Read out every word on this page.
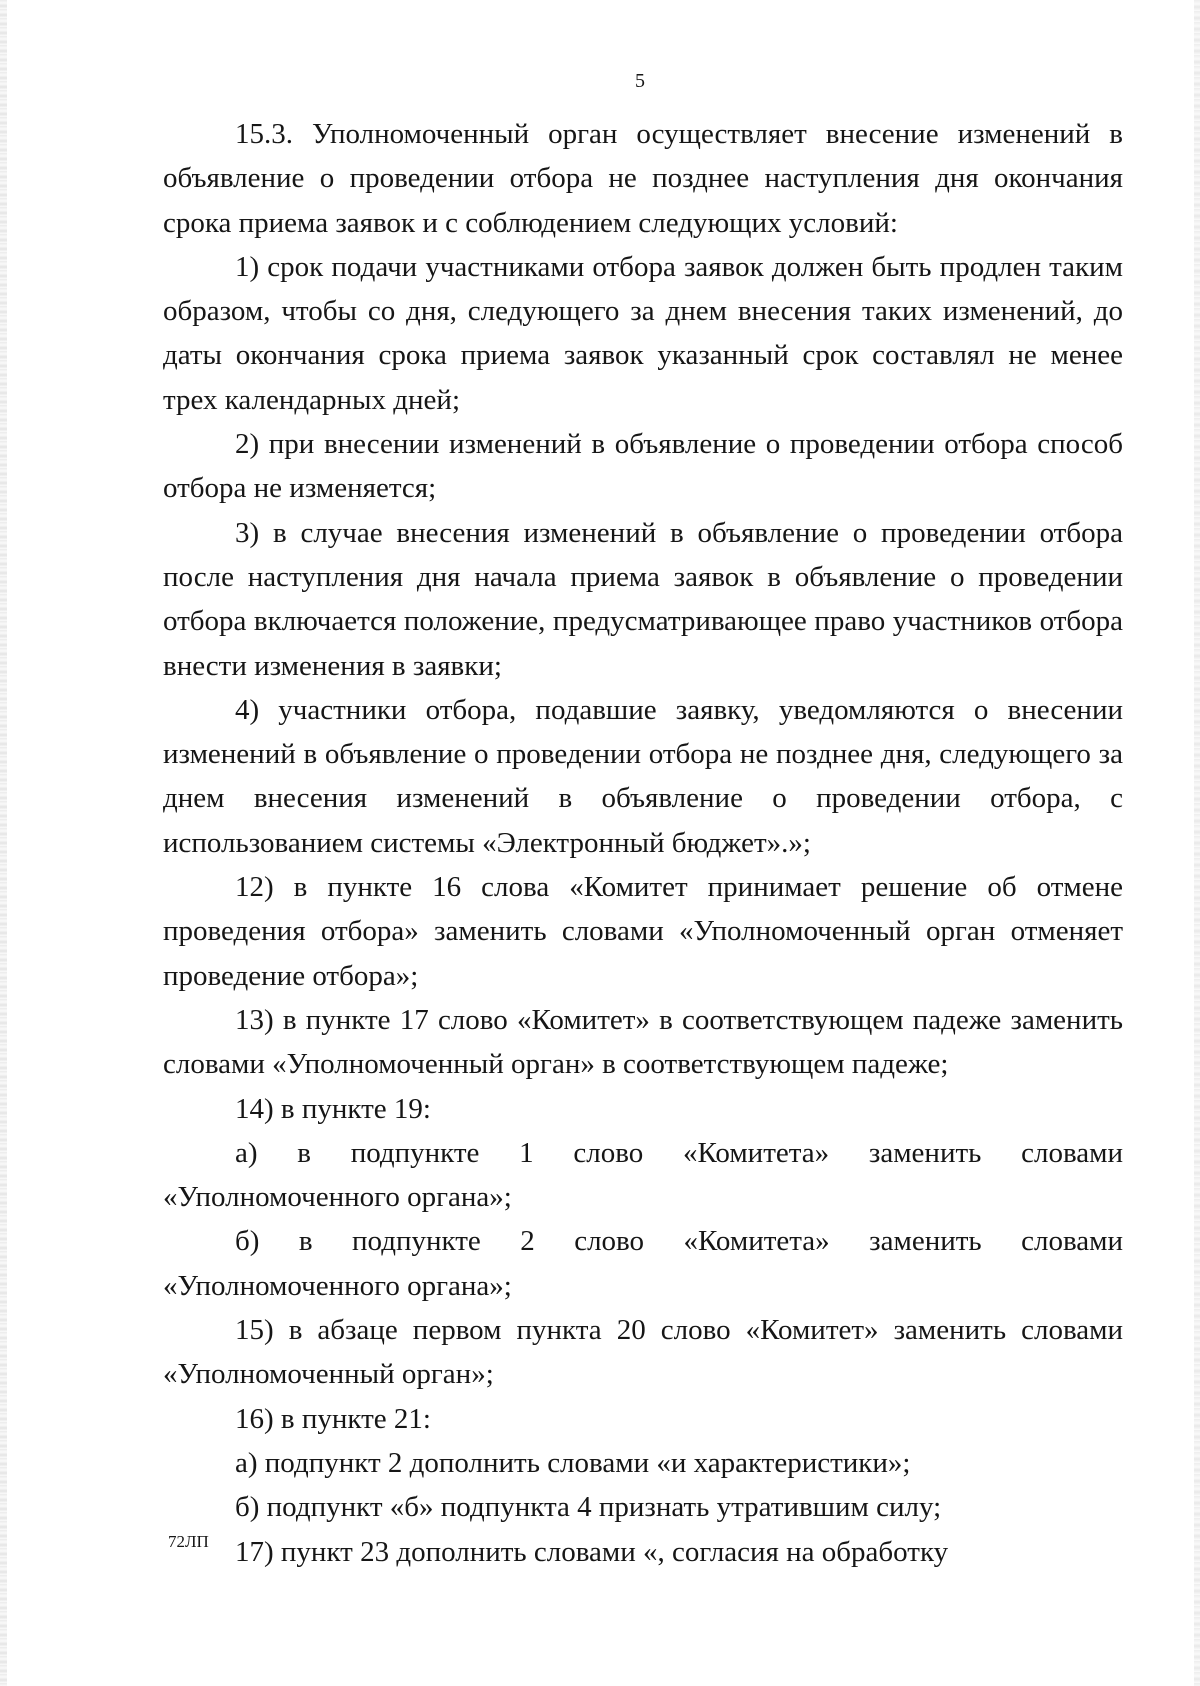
5

15.3. Уполномоченный орган осуществляет внесение изменений в объявление о проведении отбора не позднее наступления дня окончания срока приема заявок и с соблюдением следующих условий:

1) срок подачи участниками отбора заявок должен быть продлен таким образом, чтобы со дня, следующего за днем внесения таких изменений, до даты окончания срока приема заявок указанный срок составлял не менее трех календарных дней;

2) при внесении изменений в объявление о проведении отбора способ отбора не изменяется;

3) в случае внесения изменений в объявление о проведении отбора после наступления дня начала приема заявок в объявление о проведении отбора включается положение, предусматривающее право участников отбора внести изменения в заявки;

4) участники отбора, подавшие заявку, уведомляются о внесении изменений в объявление о проведении отбора не позднее дня, следующего за днем внесения изменений в объявление о проведении отбора, с использованием системы «Электронный бюджет».»;

12) в пункте 16 слова «Комитет принимает решение об отмене проведения отбора» заменить словами «Уполномоченный орган отменяет проведение отбора»;

13) в пункте 17 слово «Комитет» в соответствующем падеже заменить словами «Уполномоченный орган» в соответствующем падеже;

14) в пункте 19:

а) в подпункте 1 слово «Комитета» заменить словами «Уполномоченного органа»;

б) в подпункте 2 слово «Комитета» заменить словами «Уполномоченного органа»;

15) в абзаце первом пункта 20 слово «Комитет» заменить словами «Уполномоченный орган»;

16) в пункте 21:

а) подпункт 2 дополнить словами «и характеристики»;

б) подпункт «б» подпункта 4 признать утратившим силу;

17) пункт 23 дополнить словами «, согласия на обработку

72ЛП
